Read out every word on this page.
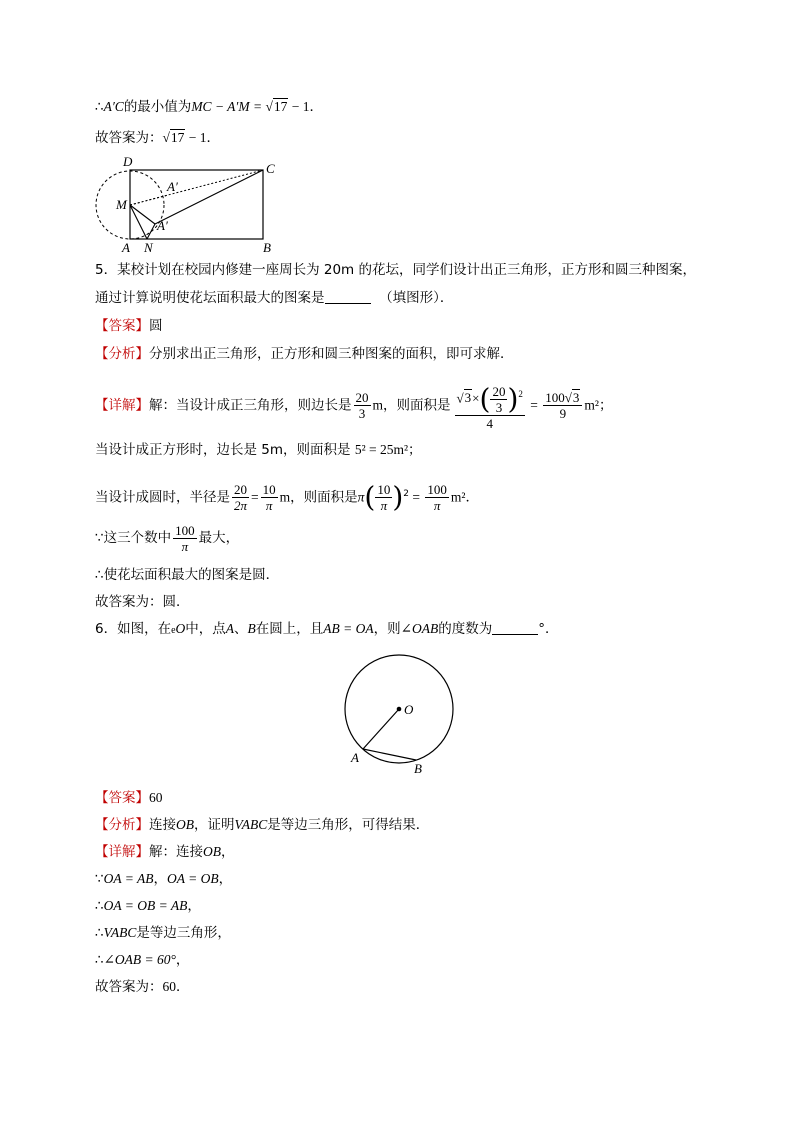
∴A′C的最小值为MC − A′M = √17 − 1．
故答案为：√17 − 1．
D	C
M
A′
A′
A N	B
5．某校计划在校园内修建一座周长为 20m 的花坛，同学们设计出正三角形，正方形和圆三种图案，
通过计算说明使花坛面积最大的图案是	（填图形）．
【答案】圆
【分析】分别求出正三角形，正方形和圆三种图案的面积，即可求解．
【详解】解：当设计成正三角形，则边长是 $\frac{20}{3}$ m，则面积是 $\frac{√3\times( \frac{20}{3} )^2}{4} = \frac{100√3}{9} m^2$；
当设计成正方形时，边长是 5m，则面积是 5² = 25m²；
当设计成圆时，半径是 $\frac{20}{2\pi} = \frac{10}{\pi}$ m，则面积是$\pi( \frac{10}{\pi} )^2 = \frac{100}{\pi} m^2$．
∵这三个数中 $\frac{100}{\pi}$ 最大，
∴使花坛面积最大的图案是圆．
故答案为：圆．
6．如图，在eO中，点A、B在圆上，且AB = OA，则∠OAB的度数为	°．
O
A
B
【答案】60
【分析】连接OB，证明VABC是等边三角形，可得结果．
【详解】解：连接OB，
∵OA = AB，OA = OB，
∴OA = OB = AB，
∴VABC是等边三角形，
∴∠OAB = 60°，
故答案为：60．
